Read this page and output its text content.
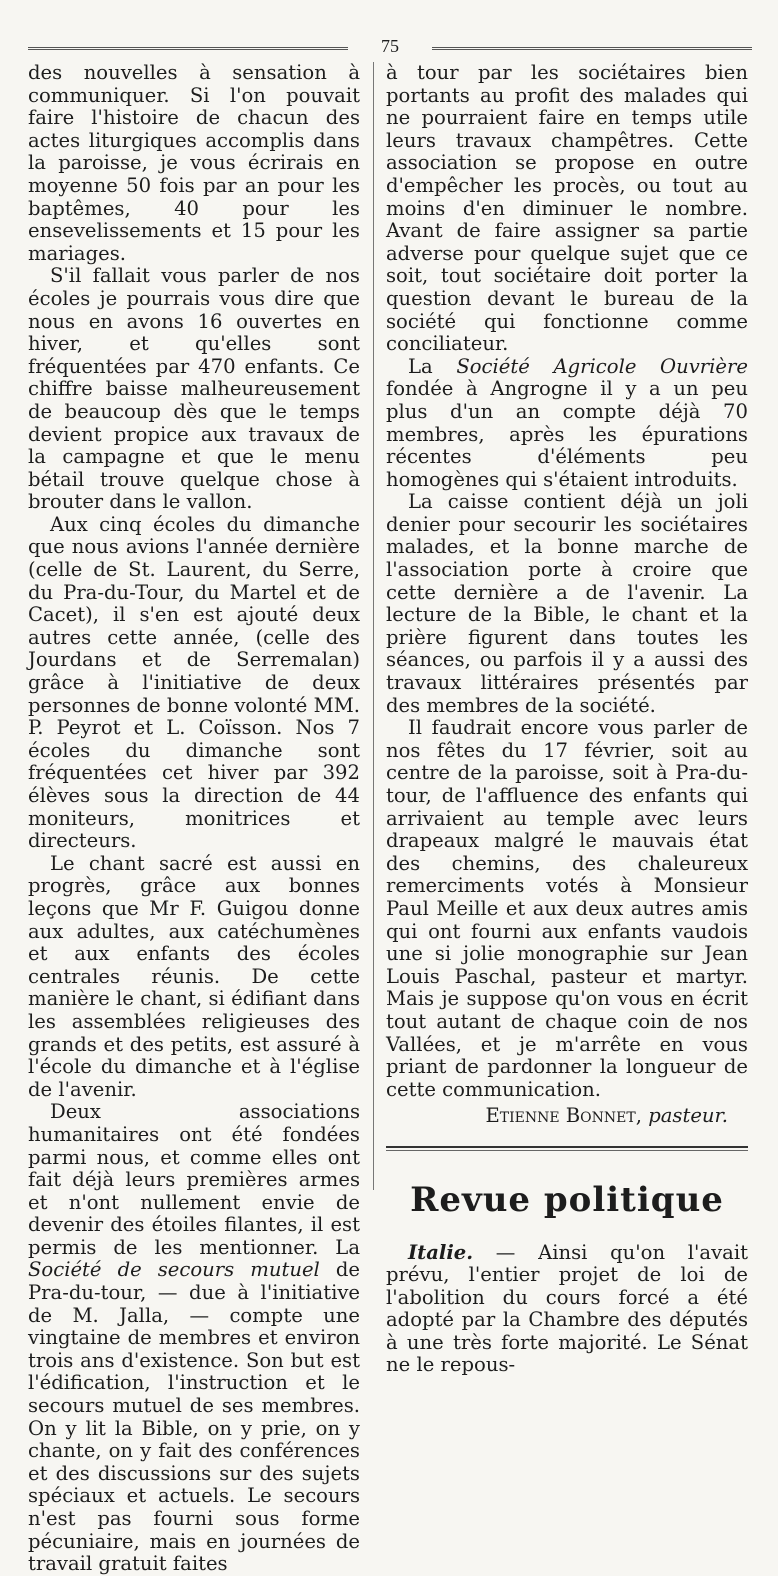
75

des nouvelles à sensation à communiquer. Si l'on pouvait faire l'histoire de chacun des actes liturgiques accomplis dans la paroisse, je vous écrirais en moyenne 50 fois par an pour les baptêmes, 40 pour les ensevelissements et 15 pour les mariages.

S'il fallait vous parler de nos écoles je pourrais vous dire que nous en avons 16 ouvertes en hiver, et qu'elles sont fréquentées par 470 enfants. Ce chiffre baisse malheureusement de beaucoup dès que le temps devient propice aux travaux de la campagne et que le menu bétail trouve quelque chose à brouter dans le vallon.

Aux cinq écoles du dimanche que nous avions l'année dernière (celle de St. Laurent, du Serre, du Pra-du-Tour, du Martel et de Cacet), il s'en est ajouté deux autres cette année, (celle des Jourdans et de Serremalan) grâce à l'initiative de deux personnes de bonne volonté MM. P. Peyrot et L. Coïsson. Nos 7 écoles du dimanche sont fréquentées cet hiver par 392 élèves sous la direction de 44 moniteurs, monitrices et directeurs.

Le chant sacré est aussi en progrès, grâce aux bonnes leçons que Mr F. Guigou donne aux adultes, aux catéchumènes et aux enfants des écoles centrales réunis. De cette manière le chant, si édifiant dans les assemblées religieuses des grands et des petits, est assuré à l'école du dimanche et à l'église de l'avenir.

Deux associations humanitaires ont été fondées parmi nous, et comme elles ont fait déjà leurs premières armes et n'ont nullement envie de devenir des étoiles filantes, il est permis de les mentionner. La Société de secours mutuel de Pra-du-tour, — due à l'initiative de M. Jalla, — compte une vingtaine de membres et environ trois ans d'existence. Son but est l'édification, l'instruction et le secours mutuel de ses membres. On y lit la Bible, on y prie, on y chante, on y fait des conférences et des discussions sur des sujets spéciaux et actuels. Le secours n'est pas fourni sous forme pécuniaire, mais en journées de travail gratuit faites

à tour par les sociétaires bien portants au profit des malades qui ne pourraient faire en temps utile leurs travaux champêtres. Cette association se propose en outre d'empêcher les procès, ou tout au moins d'en diminuer le nombre. Avant de faire assigner sa partie adverse pour quelque sujet que ce soit, tout sociétaire doit porter la question devant le bureau de la société qui fonctionne comme conciliateur.

La Société Agricole Ouvrière fondée à Angrogne il y a un peu plus d'un an compte déjà 70 membres, après les épurations récentes d'éléments peu homogènes qui s'étaient introduits.

La caisse contient déjà un joli denier pour secourir les sociétaires malades, et la bonne marche de l'association porte à croire que cette dernière a de l'avenir. La lecture de la Bible, le chant et la prière figurent dans toutes les séances, ou parfois il y a aussi des travaux littéraires présentés par des membres de la société.

Il faudrait encore vous parler de nos fêtes du 17 février, soit au centre de la paroisse, soit à Pra-du-tour, de l'affluence des enfants qui arrivaient au temple avec leurs drapeaux malgré le mauvais état des chemins, des chaleureux remerciments votés à Monsieur Paul Meille et aux deux autres amis qui ont fourni aux enfants vaudois une si jolie monographie sur Jean Louis Paschal, pasteur et martyr. Mais je suppose qu'on vous en écrit tout autant de chaque coin de nos Vallées, et je m'arrête en vous priant de pardonner la longueur de cette communication.

Etienne Bonnet, pasteur.

Revue politique

Italie. — Ainsi qu'on l'avait prévu, l'entier projet de loi de l'abolition du cours forcé a été adopté par la Chambre des députés à une très forte majorité. Le Sénat ne le repous-
